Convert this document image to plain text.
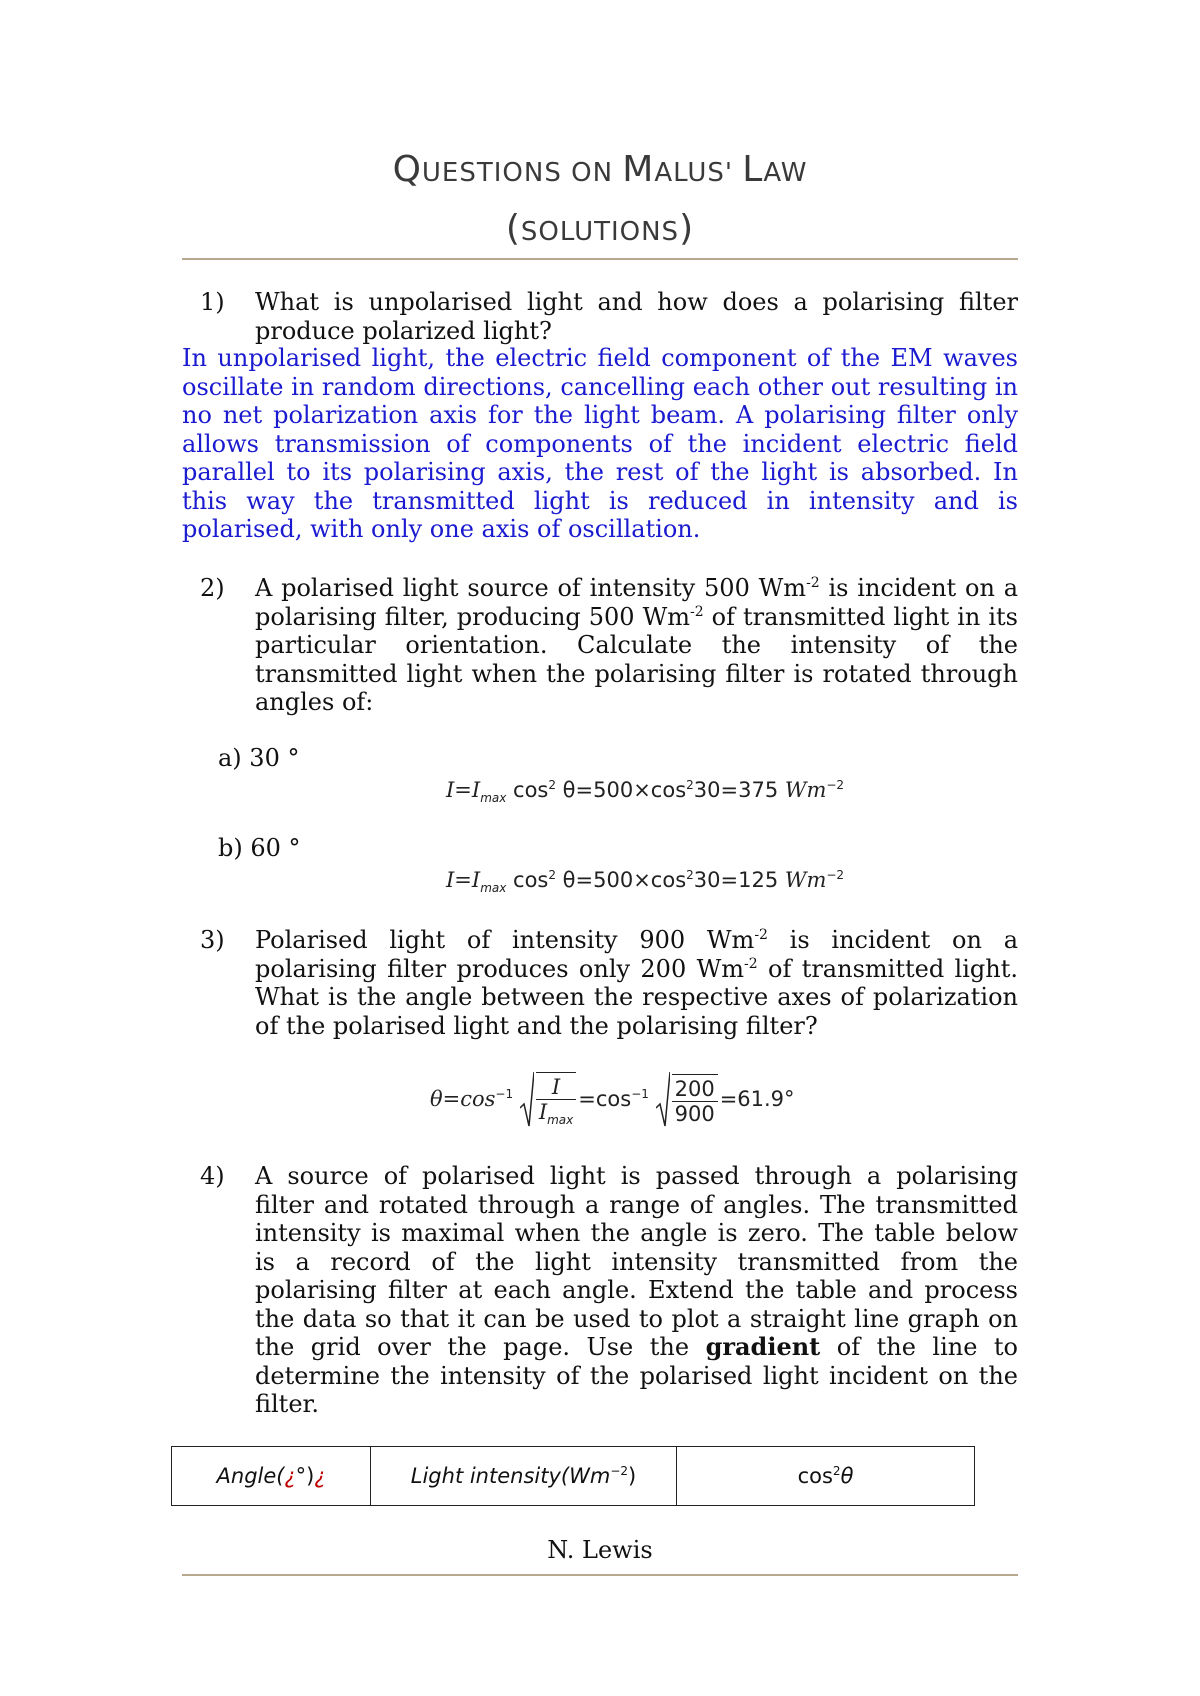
QUESTIONS ON MALUS' LAW
(SOLUTIONS)
1) What is unpolarised light and how does a polarising filter produce polarized light?
In unpolarised light, the electric field component of the EM waves oscillate in random directions, cancelling each other out resulting in no net polarization axis for the light beam. A polarising filter only allows transmission of components of the incident electric field parallel to its polarising axis, the rest of the light is absorbed. In this way the transmitted light is reduced in intensity and is polarised, with only one axis of oscillation.
2) A polarised light source of intensity 500 $Wm^{-2}$ is incident on a polarising filter, producing 500 $Wm^{-2}$ of transmitted light in its particular orientation. Calculate the intensity of the transmitted light when the polarising filter is rotated through angles of:
a) 30 °
$I=I_{max}$ $\cos^2 \theta=500\times\cos^230=375$ $Wm^{-2}$
b) 60 °
$I=I_{max}$ $\cos^2 \theta=500\times\cos^230=125$ $Wm^{-2}$
3) Polarised light of intensity 900 $Wm^{-2}$ is incident on a polarising filter produces only 200 $Wm^{-2}$ of transmitted light. What is the angle between the respective axes of polarization of the polarised light and the polarising filter?
$\theta=\cos^{-1} \frac{I}{I_{max}} =\cos^{-1} \frac{200}{900} =61.9^\circ$
4) A source of polarised light is passed through a polarising filter and rotated through a range of angles. The transmitted intensity is maximal when the angle is zero. The table below is a record of the light intensity transmitted from the polarising filter at each angle. Extend the table and process the data so that it can be used to plot a straight line graph on the grid over the page. Use the gradient of the line to determine the intensity of the polarised light incident on the filter.
Angle(¿°)¿	Light $intensity(Wm^{-2})$	$\cos^2\theta$
N. Lewis
